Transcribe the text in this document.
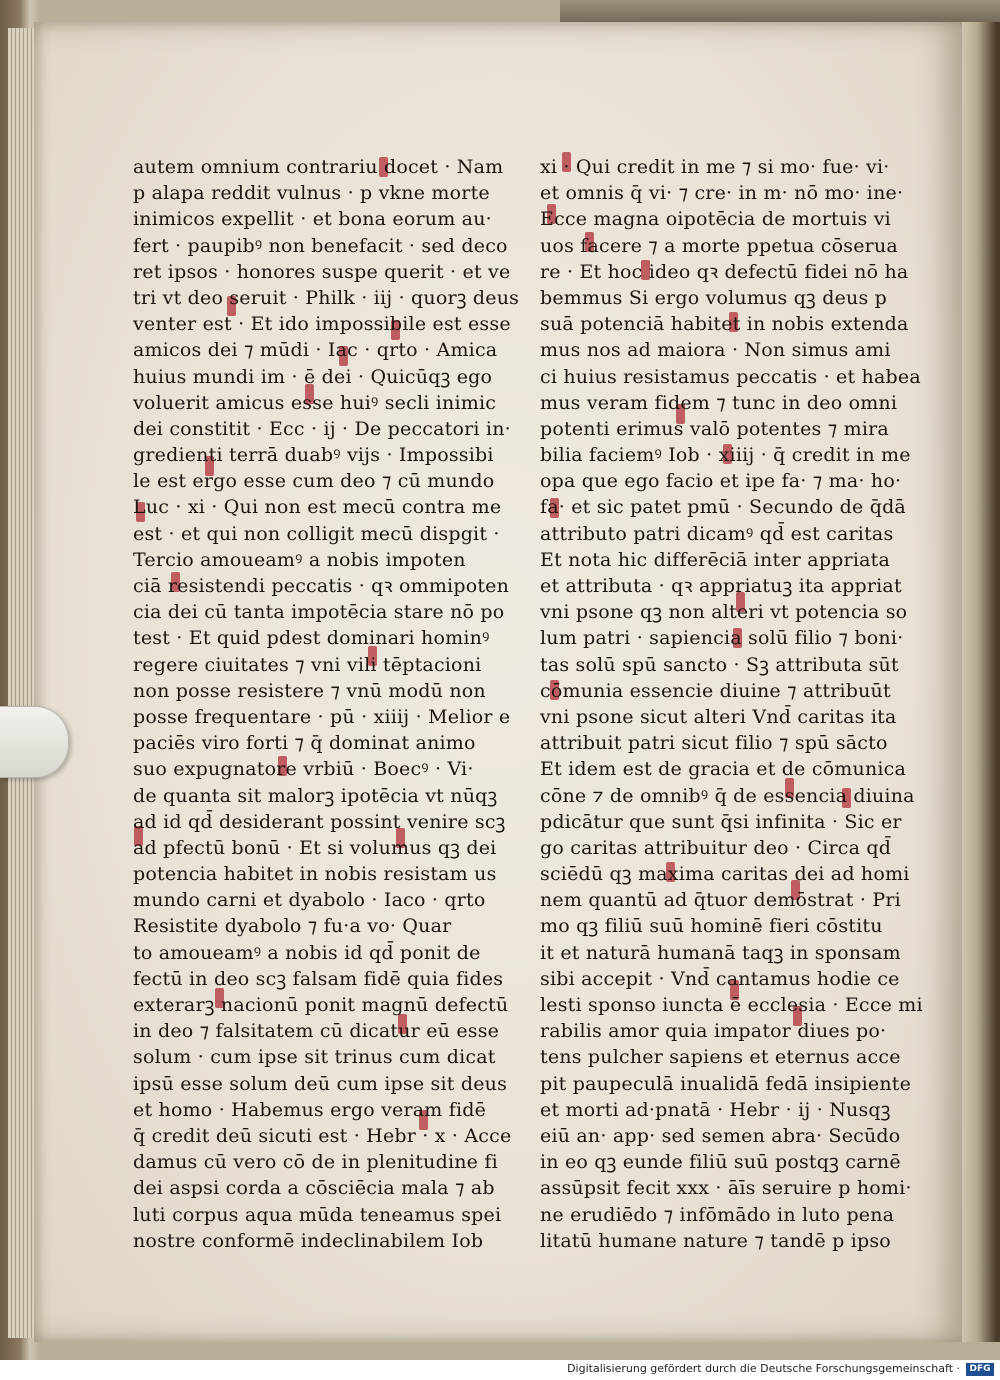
autem omnium contrariu docet · Nam
p alapa reddit vulnus · p vkne morte
inimicos expellit · et bona eorum au·
fert · paupibꝰ non benefacit · sed deco
ret ipsos · honores suspe querit · et ve
tri vt deo seruit · Philk · iij · quorꝫ deus
venter est · Et ido impossibile est esse
amicos dei ⁊ mūdi · Iac · qrto · Amica
huius mundi im · ē dei · Quicūqꝫ ego
voluerit amicus esse huiꝰ secli inimic
dei constitit · Ecc · ij · De peccatori in·
gredienti terrā duabꝰ vijs · Impossibi
le est ergo esse cum deo ⁊ cū mundo
Luc · xi · Qui non est mecū contra me
est · et qui non colligit mecū dispgit ·
Tercio amoueamꝰ a nobis impoten
ciā resistendi peccatis · qꝛ ommipoten
cia dei cū tanta impotēcia stare nō po
test · Et quid pdest dominari hominꝰ
regere ciuitates ⁊ vni vili tēptacioni
non posse resistere ⁊ vnū modū non
posse frequentare · pū · xiiij · Melior e
paciēs viro forti ⁊ q̄ dominat animo
suo expugnatore vrbiū · Boecꝰ · Vi·
de quanta sit malorꝫ ipotēcia vt nūqꝫ
ad id qd̄ desiderant possint venire scꝫ
ad pfectū bonū · Et si volumus qꝫ dei
potencia habitet in nobis resistam us
mundo carni et dyabolo · Iaco · qrto
Resistite dyabolo ⁊ fu·a vo· Quar
to amoueamꝰ a nobis id qd̄ ponit de
fectū in deo scꝫ falsam fidē quia fides
exterarꝫ nacionū ponit magnū defectū
in deo ⁊ falsitatem cū dicatur eū esse
solum · cum ipse sit trinus cum dicat
ipsū esse solum deū cum ipse sit deus
et homo · Habemus ergo veram fidē
q̄ credit deū sicuti est · Hebr · x · Acce
damus cū vero cō de in plenitudine fi
dei aspsi corda a cōsciēcia mala ⁊ ab
luti corpus aqua mūda teneamus spei
nostre conformē indeclinabilem Iob
xi · Qui credit in me ⁊ si mo· fue· vi·
et omnis q̄ vi· ⁊ cre· in m· nō mo· ine·
Ecce magna oipotēcia de mortuis vi
uos facere ⁊ a morte ppetua cōserua
re · Et hoc ideo qꝛ defectū fidei nō ha
bemmus Si ergo volumus qꝫ deus p
suā potenciā habitet in nobis extenda
mus nos ad maiora · Non simus ami
ci huius resistamus peccatis · et habea
mus veram fidem ⁊ tunc in deo omni
potenti erimus valō potentes ⁊ mira
bilia faciemꝰ Iob · xiiij · q̄ credit in me
opa que ego facio et ipe fa· ⁊ ma· ho·
fa· et sic patet pmū · Secundo de q̄dā
attributo patri dicamꝰ qd̄ est caritas
Et nota hic differēciā inter appriata
et attributa · qꝛ appriatuꝫ ita appriat
vni psone qꝫ non alteri vt potencia so
lum patri · sapiencia solū filio ⁊ boni·
tas solū spū sancto · Sꝫ attributa sūt
cōmunia essencie diuine ⁊ attribuūt
vni psone sicut alteri Vnd̄ caritas ita
attribuit patri sicut filio ⁊ spū sācto
Et idem est de gracia et de cōmunica
cōne ⁊ de omnibꝰ q̄ de essencia diuina
pdicātur que sunt q̄si infinita · Sic er
go caritas attribuitur deo · Circa qd̄
sciēdū qꝫ maxima caritas dei ad homi
nem quantū ad q̄tuor demōstrat · Pri
mo qꝫ filiū suū hominē fieri cōstitu
it et naturā humanā taqꝫ in sponsam
sibi accepit · Vnd̄ cantamus hodie ce
lesti sponso iuncta ē ecclesia · Ecce mi
rabilis amor quia impator diues po·
tens pulcher sapiens et eternus acce
pit paupeculā inualidā fedā insipiente
et morti ad·pnatā · Hebr · ij · Nusqꝫ
eiū an· app· sed semen abra· Secūdo
in eo qꝫ eunde filiū suū postqꝫ carnē
assūpsit fecit xxx · āīs seruire p homi·
ne erudiēdo ⁊ infōmādo in luto pena
litatū humane nature ⁊ tandē p ipso
Digitalisierung gefördert durch die Deutsche Forschungsgemeinschaft ·	DFG
